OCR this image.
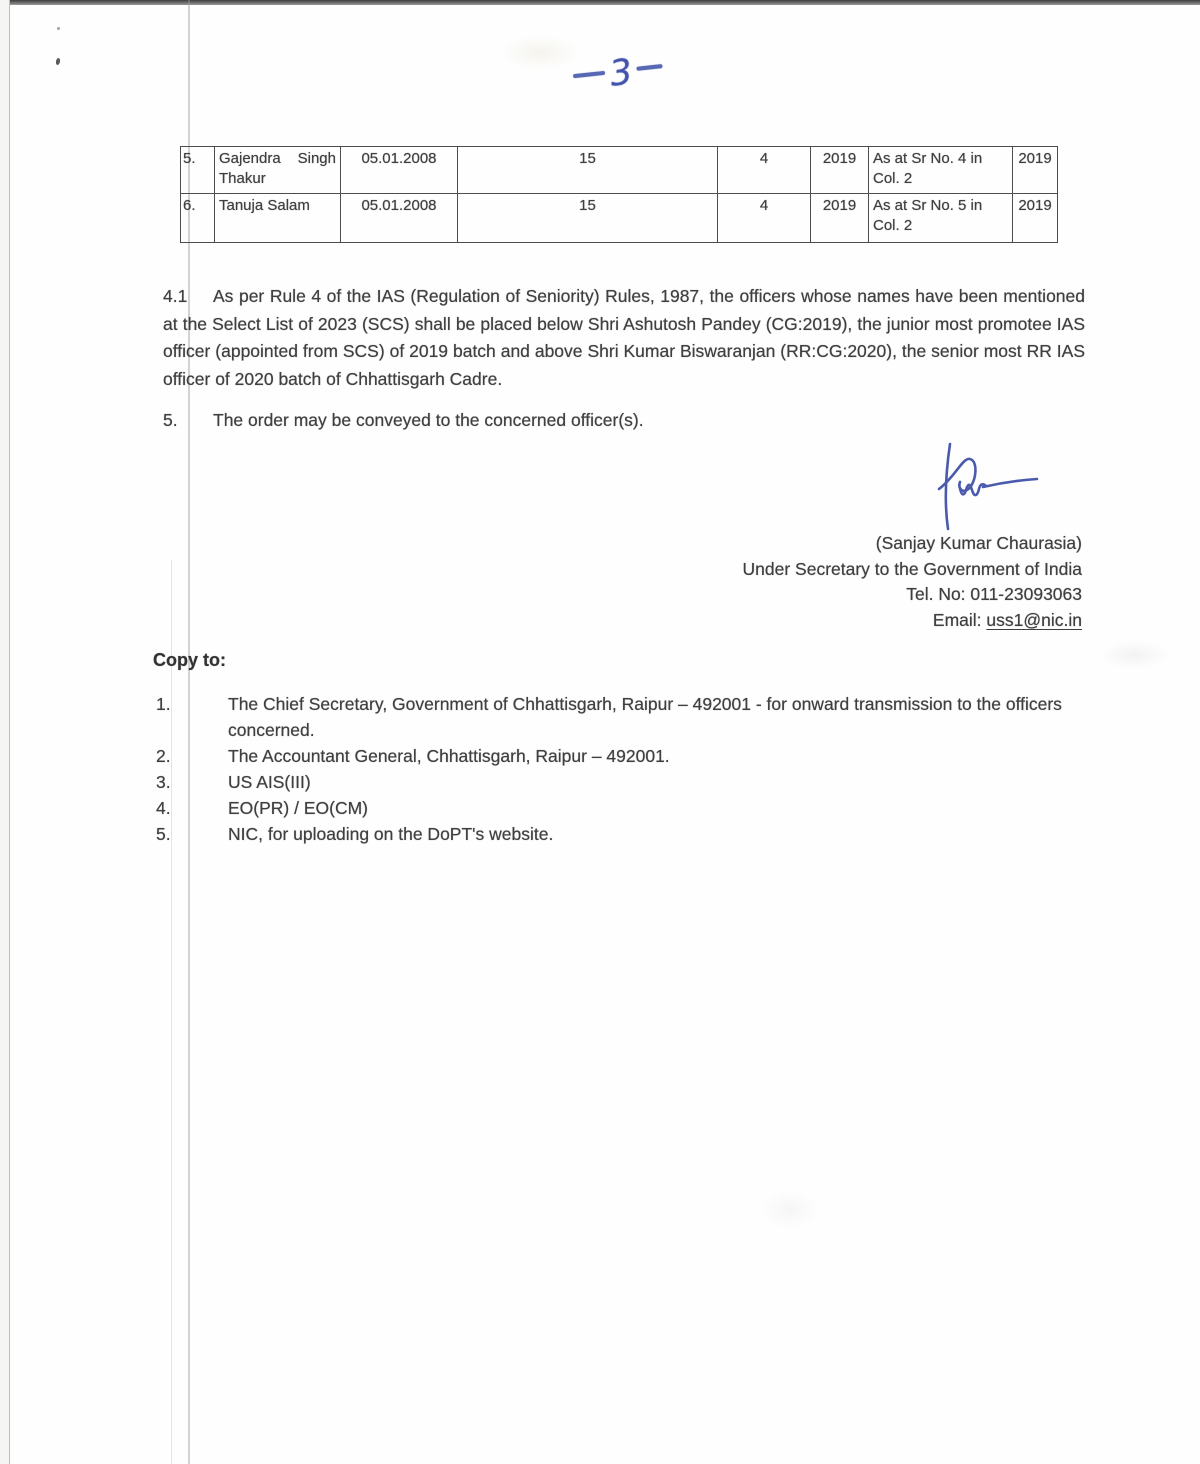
3
5.	Gajendra Singh Thakur	05.01.2008	15	4	2019	As at Sr No. 4 in Col. 2	2019
6.	Tanuja Salam	05.01.2008	15	4	2019	As at Sr No. 5 in Col. 2	2019
4.1	As per Rule 4 of the IAS (Regulation of Seniority) Rules, 1987, the officers whose names have been mentioned at the Select List of 2023 (SCS) shall be placed below Shri Ashutosh Pandey (CG:2019), the junior most promotee IAS officer (appointed from SCS) of 2019 batch and above Shri Kumar Biswaranjan (RR:CG:2020), the senior most RR IAS officer of 2020 batch of Chhattisgarh Cadre.

5.	The order may be conveyed to the concerned officer(s).

(Sanjay Kumar Chaurasia)
Under Secretary to the Government of India
Tel. No: 011-23093063
Email: uss1@nic.in
Copy to:
1.	The Chief Secretary, Government of Chhattisgarh, Raipur – 492001 - for onward transmission to the officers concerned.
2.	The Accountant General, Chhattisgarh, Raipur – 492001.
3.	US AIS(III)
4.	EO(PR) / EO(CM)
5.	NIC, for uploading on the DoPT's website.
